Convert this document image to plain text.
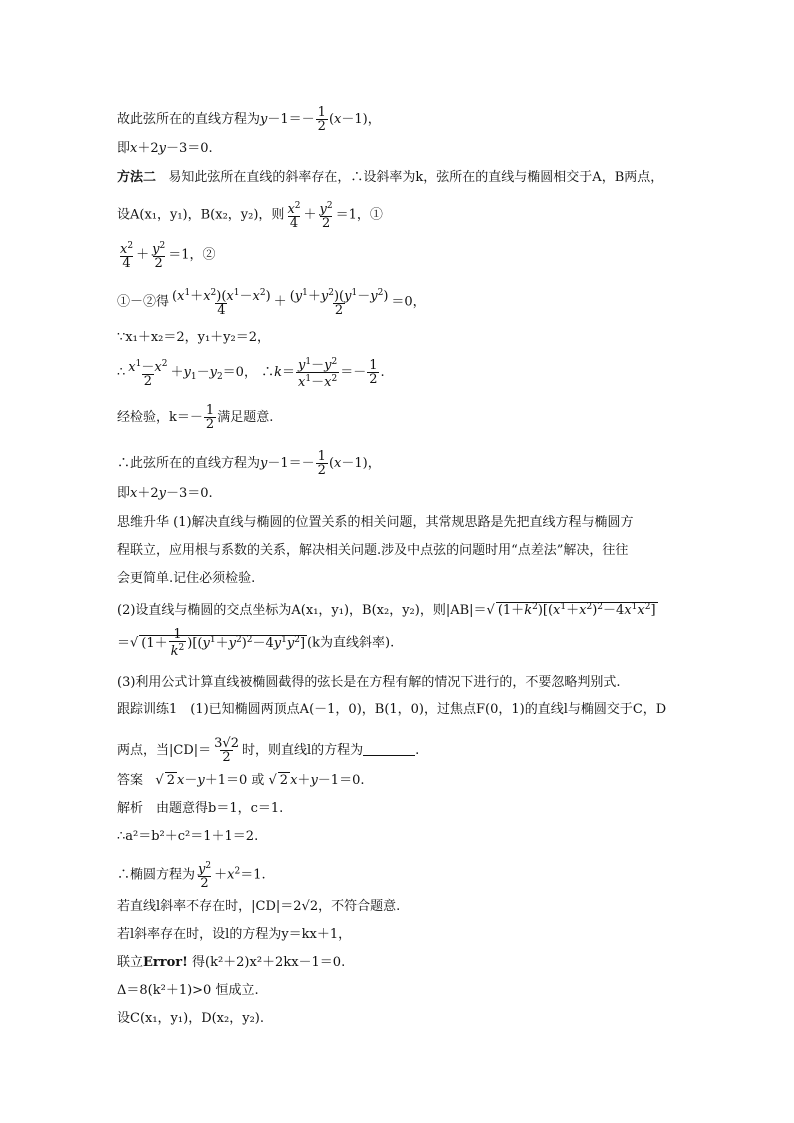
故此弦所在的直线方程为$y-1=- \frac{1}{2} (x-1)$，
即x＋2y－3＝0.
方法二 易知此弦所在直线的斜率存在，∴设斜率为k，弦所在的直线与椭圆相交于A，B两点，
设A(x₁，y₁)，B(x₂，y₂)，则 $\frac{x^2}{4} + \frac{y^2}{2} =1$，①
$\frac{x^2}{4} + \frac{y^2}{2} =1$，②
①－②得 $\frac{(x^1+x^2)(x^1-x^2)}{4} + \frac{(y^1+y^2)(y^1-y^2)}{2} =0$，
∵x₁＋x₂＝2，y₁＋y₂＝2，
∴ $\frac{x^1-x^2}{2} +y_1-y_2=0$， ∴k＝ $\frac{y^1-y^2}{x^1-x^2} =- \frac{1}{2}$ .
经检验，$k=- \frac{1}{2}$ 满足题意.
∴此弦所在的直线方程为$y-1=- \frac{1}{2} (x-1)$，
即x＋2y－3＝0.
思维升华 (1)解决直线与椭圆的位置关系的相关问题，其常规思路是先把直线方程与椭圆方
程联立，应用根与系数的关系，解决相关问题.涉及中点弦的问题时用“点差法”解决，往往
会更简单.记住必须检验.
(2)设直线与椭圆的交点坐标为A(x₁，y₁)，B(x₂，y₂)，则|AB|＝√ $(1+k^2)[(x^1+x^2)^2-4x^1x^2]$
＝√ $(1+ \frac{1}{k^2} )[(y^1+y^2)^2-4y^1y^2]$ (k为直线斜率).
(3)利用公式计算直线被椭圆截得的弦长是在方程有解的情况下进行的，不要忽略判别式.
跟踪训练1　(1)已知椭圆两顶点A(－1，0)，B(1，0)，过焦点F(0，1)的直线l与椭圆交于C，D
两点，当$|CD|= \frac{3√2}{2}$ 时，则直线l的方程为	.
答案   √ 2 x－y＋1＝0 或 √ 2 x＋y－1＝0.
解析　由题意得b＝1，c＝1.
∴a²＝b²＋c²＝1＋1＝2.
∴椭圆方程为 $\frac{y^2}{2} +x^2=1$.
若直线l斜率不存在时，|CD|＝2√2，不符合题意.
若l斜率存在时，设l的方程为y＝kx＋1，
联立Error! 得(k²＋2)x²＋2kx－1＝0.
Δ＝8(k²＋1)>0 恒成立.
设C(x₁，y₁)，D(x₂，y₂).
